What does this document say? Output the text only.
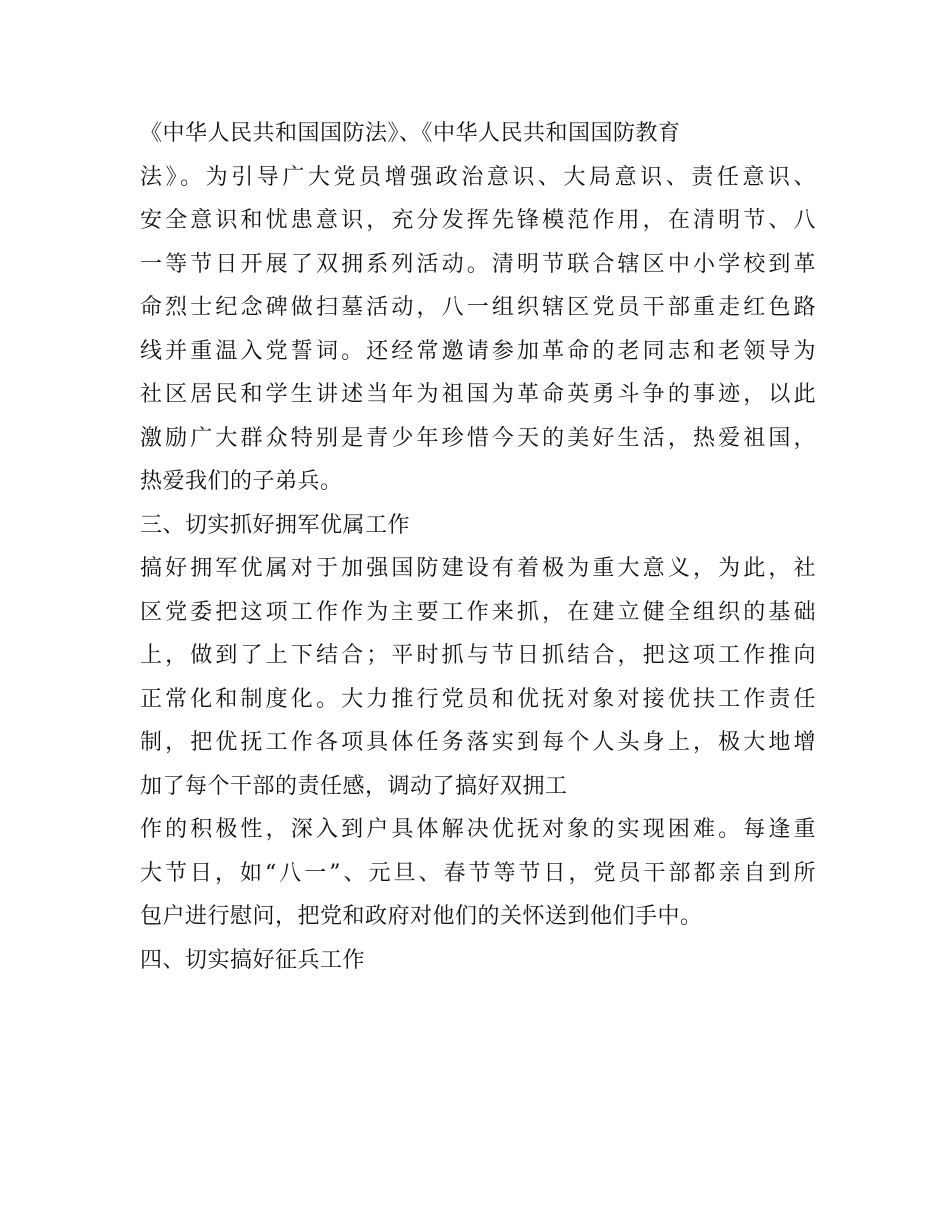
《中华人民共和国国防法》、《中华人民共和国国防教育
法》。为引导广大党员增强政治意识、大局意识、责任意识、
安全意识和忧患意识，充分发挥先锋模范作用，在清明节、八
一等节日开展了双拥系列活动。清明节联合辖区中小学校到革
命烈士纪念碑做扫墓活动，八一组织辖区党员干部重走红色路
线并重温入党誓词。还经常邀请参加革命的老同志和老领导为
社区居民和学生讲述当年为祖国为革命英勇斗争的事迹，以此
激励广大群众特别是青少年珍惜今天的美好生活，热爱祖国，
热爱我们的子弟兵。
三、切实抓好拥军优属工作
搞好拥军优属对于加强国防建设有着极为重大意义，为此，社
区党委把这项工作作为主要工作来抓，在建立健全组织的基础
上，做到了上下结合；平时抓与节日抓结合，把这项工作推向
正常化和制度化。大力推行党员和优抚对象对接优扶工作责任
制，把优抚工作各项具体任务落实到每个人头身上，极大地增
加了每个干部的责任感，调动了搞好双拥工
作的积极性，深入到户具体解决优抚对象的实现困难。每逢重
大节日，如“八一”、元旦、春节等节日，党员干部都亲自到所
包户进行慰问，把党和政府对他们的关怀送到他们手中。
四、切实搞好征兵工作
